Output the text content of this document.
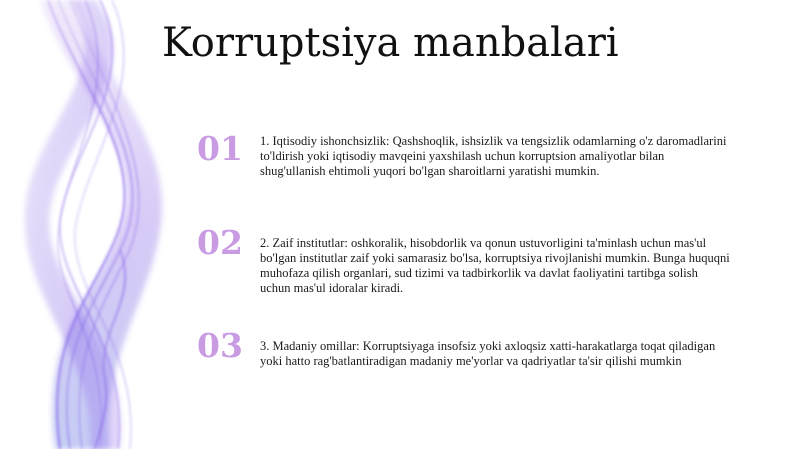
Korruptsiya manbalari
01 1. Iqtisodiy ishonchsizlik: Qashshoqlik, ishsizlik va tengsizlik odamlarning o'z daromadlarini to'ldirish yoki iqtisodiy mavqeini yaxshilash uchun korruptsion amaliyotlar bilan shug'ullanish ehtimoli yuqori bo'lgan sharoitlarni yaratishi mumkin.
02 2. Zaif institutlar: oshkoralik, hisobdorlik va qonun ustuvorligini ta'minlash uchun mas'ul bo'lgan institutlar zaif yoki samarasiz bo'lsa, korruptsiya rivojlanishi mumkin. Bunga huquqni muhofaza qilish organlari, sud tizimi va tadbirkorlik va davlat faoliyatini tartibga solish uchun mas'ul idoralar kiradi.
03 3. Madaniy omillar: Korruptsiyaga insofsiz yoki axloqsiz xatti-harakatlarga toqat qiladigan yoki hatto rag'batlantiradigan madaniy me'yorlar va qadriyatlar ta'sir qilishi mumkin
